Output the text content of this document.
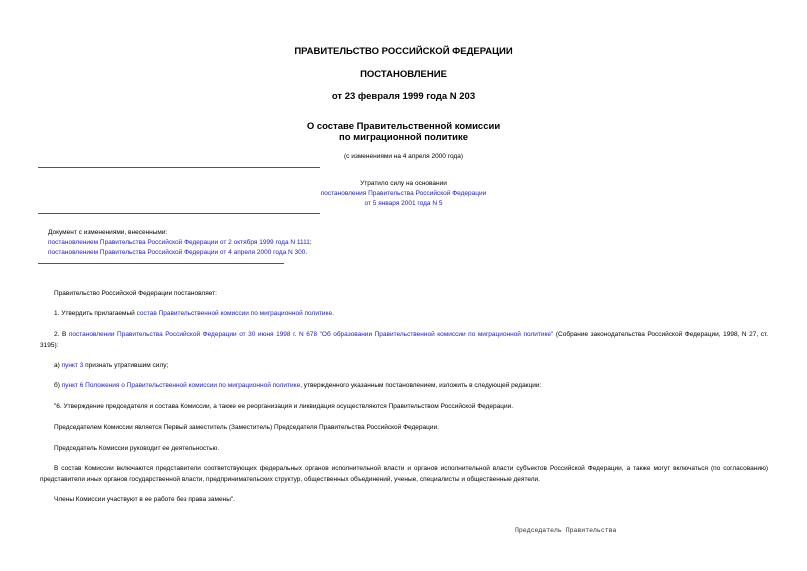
ПРАВИТЕЛЬСТВО РОССИЙСКОЙ ФЕДЕРАЦИИ
ПОСТАНОВЛЕНИЕ
от 23 февраля 1999 года N 203
О составе Правительственной комиссии
по миграционной политике
(с изменениями на 4 апреля 2000 года)
Утратило силу на основании
постановления Правительства Российской Федерации
от 5 января 2001 года N 5
Документ с изменениями, внесенными:
постановлением Правительства Российской Федерации от 2 октября 1999 года N 1111;
постановлением Правительства Российской Федерации от 4 апреля 2000 года N 300.
Правительство Российской Федерации постановляет:
1. Утвердить прилагаемый состав Правительственной комиссии по миграционной политике.
2. В постановлении Правительства Российской Федерации от 30 июня 1998 г. N 678 "Об образовании Правительственной комиссии по миграционной политике" (Собрание законодательства Российской Федерации, 1998, N 27, ст. 3195):
а) пункт 3 признать утратившим силу;
б) пункт 6 Положения о Правительственной комиссии по миграционной политике, утвержденного указанным постановлением, изложить в следующей редакции:
"6. Утверждение председателя и состава Комиссии, а также ее реорганизация и ликвидация осуществляются Правительством Российской Федерации.
Председателем Комиссии является Первый заместитель (Заместитель) Председателя Правительства Российской Федерации.
Председатель Комиссии руководит ее деятельностью.
В состав Комиссии включаются представители соответствующих федеральных органов исполнительной власти и органов исполнительной власти субъектов Российской Федерации, а также могут включаться (по согласованию) представители иных органов государственной власти, предпринимательских структур, общественных объединений, ученые, специалисты и общественные деятели.
Члены Комиссии участвуют в ее работе без права замены".
Председатель Правительства
